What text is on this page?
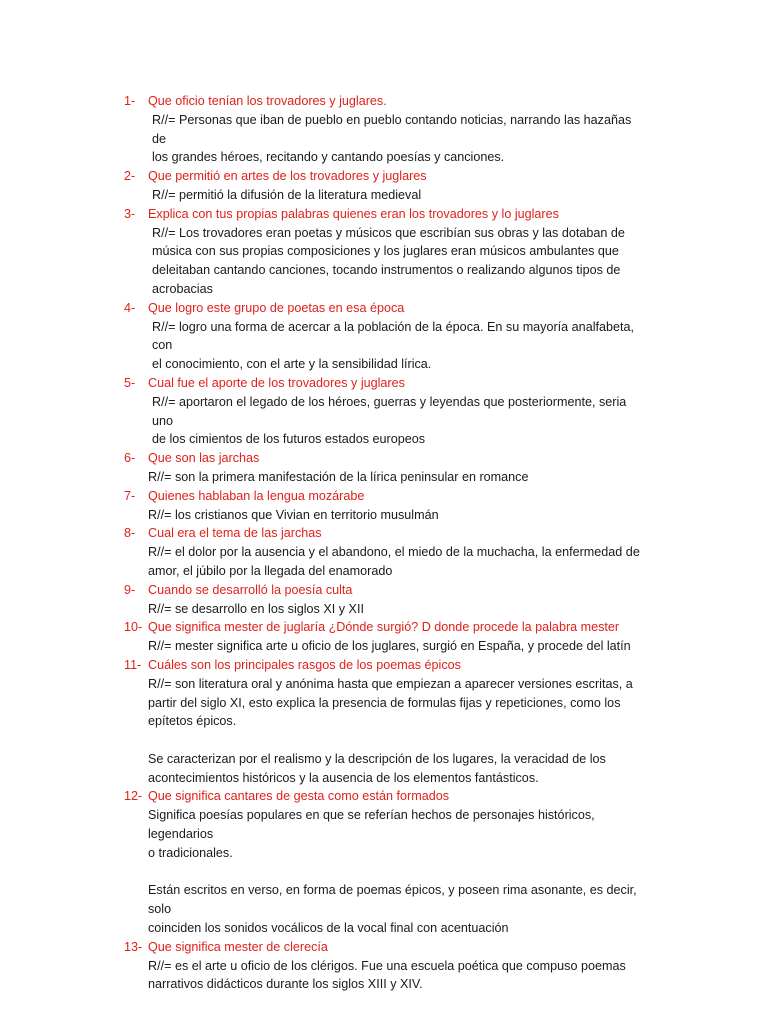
1- Que oficio tenían los trovadores y juglares.
R//= Personas que iban de pueblo en pueblo contando noticias, narrando las hazañas de
los grandes héroes, recitando y cantando poesías y canciones.
2- Que permitió en artes de los trovadores y juglares
R//= permitió la difusión de la literatura medieval
3- Explica con tus propias palabras quienes eran los trovadores y lo juglares
R//= Los trovadores eran poetas y músicos que escribían sus obras y las dotaban de
música con sus propias composiciones y los juglares eran músicos ambulantes que
deleitaban cantando canciones, tocando instrumentos o realizando algunos tipos de
acrobacias
4- Que logro este grupo de poetas en esa época
R//= logro una forma de acercar a la población de la época. En su mayoría analfabeta, con
el conocimiento, con el arte y la sensibilidad lírica.
5- Cual fue el aporte de los trovadores y juglares
R//= aportaron el legado de los héroes, guerras y leyendas que posteriormente, seria uno
de los cimientos de los futuros estados europeos
6- Que son las jarchas
R//= son la primera manifestación de la lírica peninsular en romance
7- Quienes hablaban la lengua mozárabe
R//= los cristianos que Vivian en territorio musulmán
8- Cual era el tema de las jarchas
R//= el dolor por la ausencia y el abandono, el miedo de la muchacha, la enfermedad de
amor, el júbilo por la llegada del enamorado
9- Cuando se desarrolló la poesía culta
R//= se desarrollo en los siglos XI y XII
10- Que significa mester de juglaría ¿Dónde surgió? D donde procede la palabra mester
R//= mester significa arte u oficio de los juglares, surgió en España, y procede del latín
11- Cuáles son los principales rasgos de los poemas épicos
R//= son literatura oral y anónima hasta que empiezan a aparecer versiones escritas, a
partir del siglo XI, esto explica la presencia de formulas fijas y repeticiones, como los
epítetos épicos.
Se caracterizan por el realismo y la descripción de los lugares, la veracidad de los
acontecimientos históricos y la ausencia de los elementos fantásticos.
12- Que significa cantares de gesta como están formados
Significa poesías populares en que se referían hechos de personajes históricos, legendarios
o tradicionales.
Están escritos en verso, en forma de poemas épicos, y poseen rima asonante, es decir, solo
coinciden los sonidos vocálicos de la vocal final con acentuación
13- Que significa mester de clerecía
R//= es el arte u oficio de los clérigos. Fue una escuela poética que compuso poemas
narrativos didácticos durante los siglos XIII y XIV.
